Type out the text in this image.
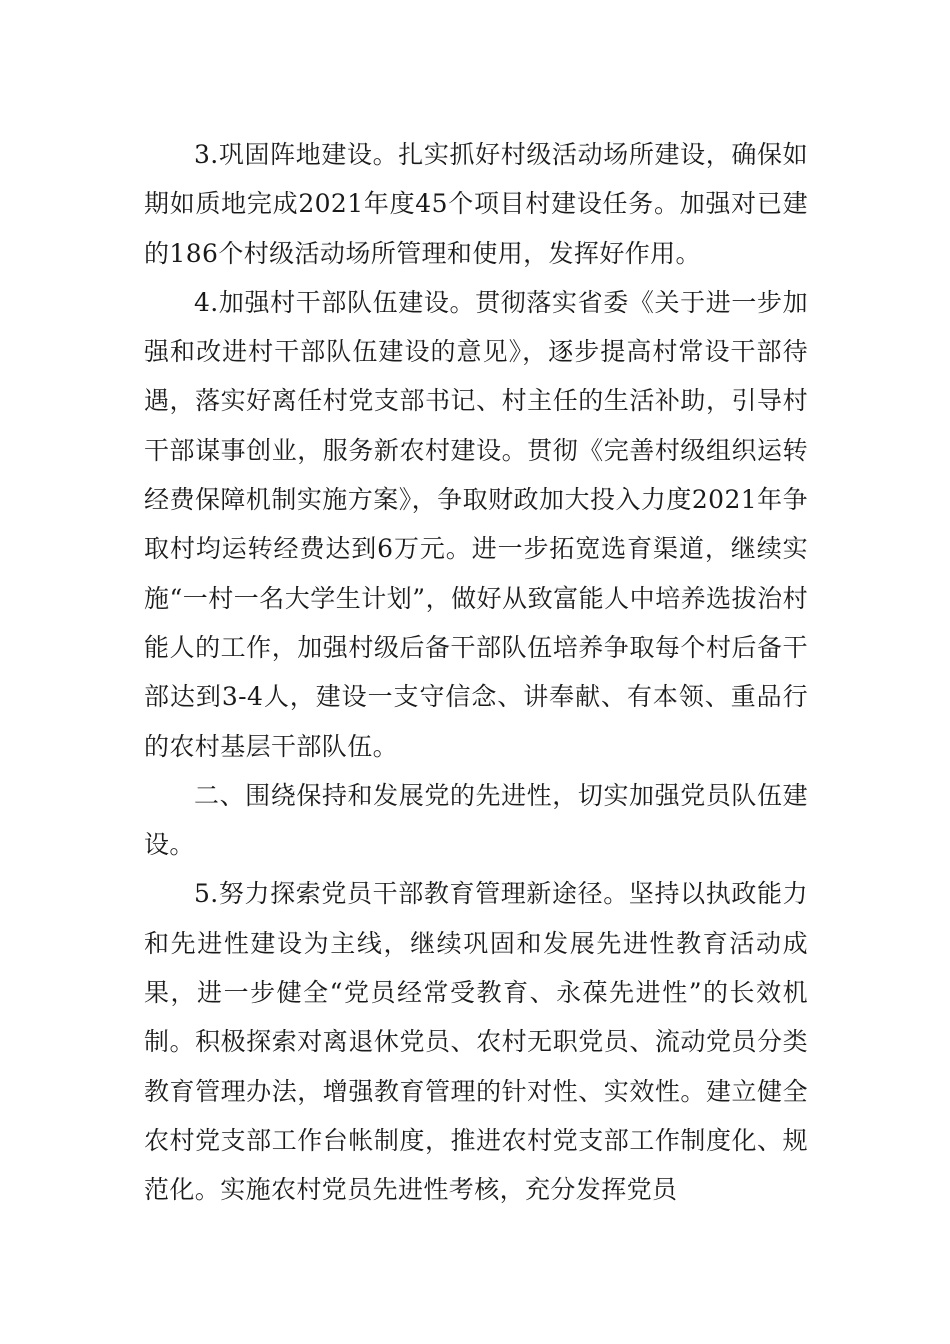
3.巩固阵地建设。扎实抓好村级活动场所建设，确保如期如质地完成2021年度45个项目村建设任务。加强对已建的186个村级活动场所管理和使用，发挥好作用。

4.加强村干部队伍建设。贯彻落实省委《关于进一步加强和改进村干部队伍建设的意见》，逐步提高村常设干部待遇，落实好离任村党支部书记、村主任的生活补助，引导村干部谋事创业，服务新农村建设。贯彻《完善村级组织运转经费保障机制实施方案》，争取财政加大投入力度2021年争取村均运转经费达到6万元。进一步拓宽选育渠道，继续实施“一村一名大学生计划”，做好从致富能人中培养选拔治村能人的工作，加强村级后备干部队伍培养争取每个村后备干部达到3-4人，建设一支守信念、讲奉献、有本领、重品行的农村基层干部队伍。

二、围绕保持和发展党的先进性，切实加强党员队伍建设。

5.努力探索党员干部教育管理新途径。坚持以执政能力和先进性建设为主线，继续巩固和发展先进性教育活动成果，进一步健全“党员经常受教育、永葆先进性”的长效机制。积极探索对离退休党员、农村无职党员、流动党员分类教育管理办法，增强教育管理的针对性、实效性。建立健全农村党支部工作台帐制度，推进农村党支部工作制度化、规范化。实施农村党员先进性考核，充分发挥党员
